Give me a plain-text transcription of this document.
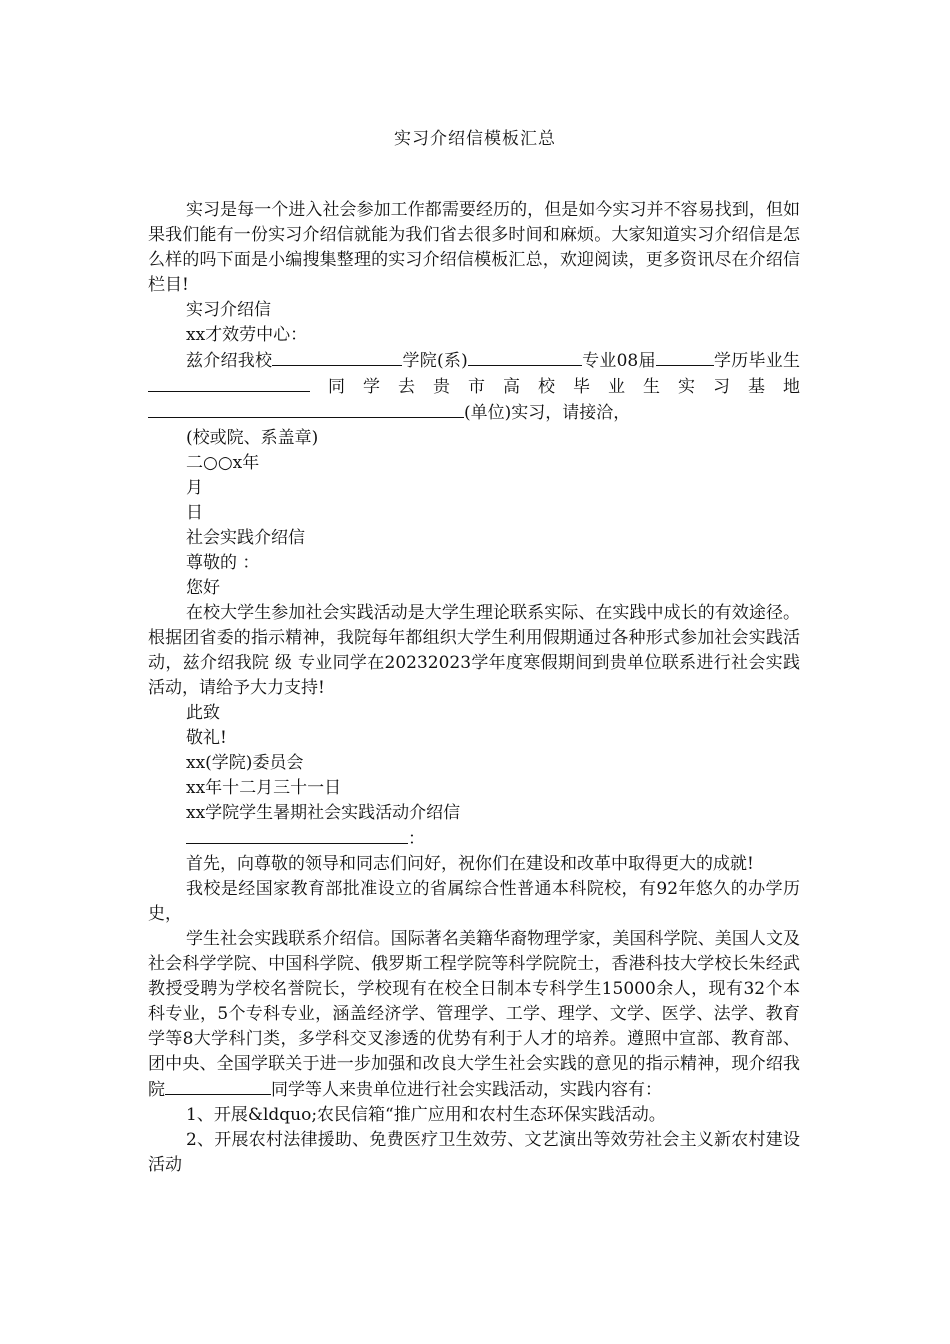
实习介绍信模板汇总

实习是每一个进入社会参加工作都需要经历的，但是如今实习并不容易找到，但如果我们能有一份实习介绍信就能为我们省去很多时间和麻烦。大家知道实习介绍信是怎么样的吗下面是小编搜集整理的实习介绍信模板汇总，欢迎阅读，更多资讯尽在介绍信栏目!

实习介绍信

xx才效劳中心：

兹介绍我校	学院(系)	专业08届	学历毕业生同学去贵市高校毕业生实习基地(单位)实习，请接洽，

(校或院、系盖章)

二○○x年

月

日

社会实践介绍信

尊敬的 ：

您好

在校大学生参加社会实践活动是大学生理论联系实际、在实践中成长的有效途径。根据团省委的指示精神，我院每年都组织大学生利用假期通过各种形式参加社会实践活动，兹介绍我院 级 专业同学在20232023学年度寒假期间到贵单位联系进行社会实践活动，请给予大力支持!

此致

敬礼!

xx(学院)委员会

xx年十二月三十一日

xx学院学生暑期社会实践活动介绍信

：

首先，向尊敬的领导和同志们问好，祝你们在建设和改革中取得更大的成就!

我校是经国家教育部批准设立的省属综合性普通本科院校，有92年悠久的办学历史，

学生社会实践联系介绍信。国际著名美籍华裔物理学家，美国科学院、美国人文及社会科学学院、中国科学院、俄罗斯工程学院等科学院院士，香港科技大学校长朱经武教授受聘为学校名誉院长，学校现有在校全日制本专科学生15000余人，现有32个本科专业，5个专科专业，涵盖经济学、管理学、工学、理学、文学、医学、法学、教育学等8大学科门类，多学科交叉渗透的优势有利于人才的培养。遵照中宣部、教育部、团中央、全国学联关于进一步加强和改良大学生社会实践的意见的指示精神，现介绍我院	同学等人来贵单位进行社会实践活动，实践内容有：

1、开展&ldquo;农民信箱“推广应用和农村生态环保实践活动。

2、开展农村法律援助、免费医疗卫生效劳、文艺演出等效劳社会主义新农村建设活动
